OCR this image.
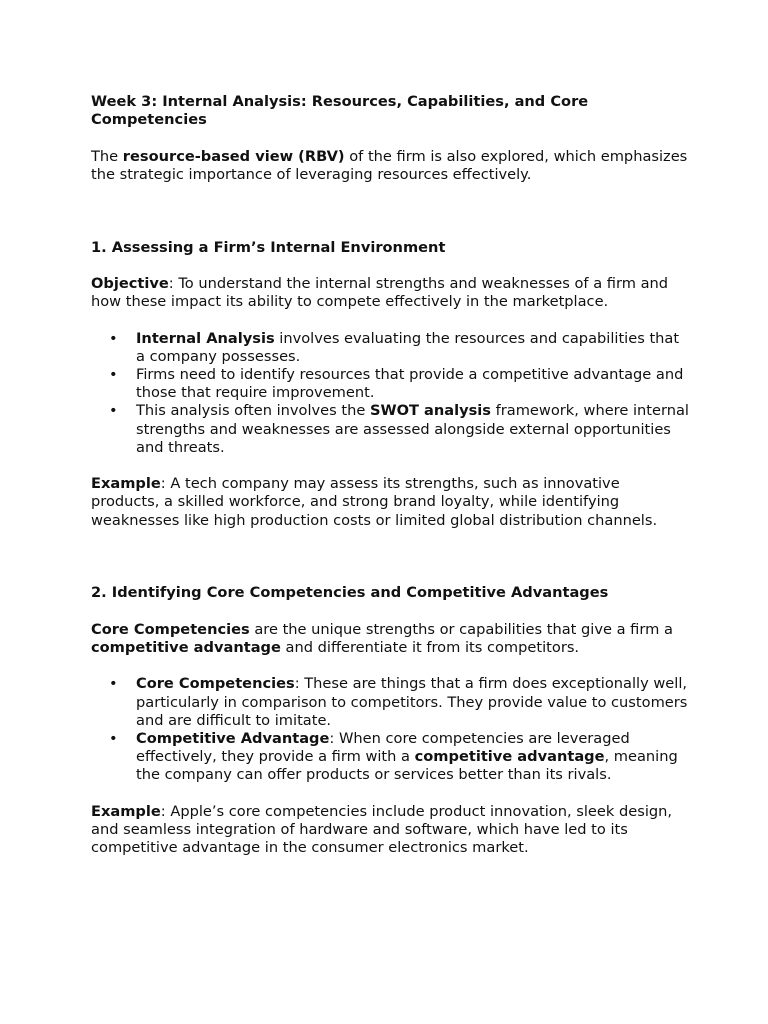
Week 3: Internal Analysis: Resources, Capabilities, and Core Competencies

The resource-based view (RBV) of the firm is also explored, which emphasizes the strategic importance of leveraging resources effectively.

1. Assessing a Firm’s Internal Environment

Objective: To understand the internal strengths and weaknesses of a firm and how these impact its ability to compete effectively in the marketplace.

• Internal Analysis involves evaluating the resources and capabilities that a company possesses.
• Firms need to identify resources that provide a competitive advantage and those that require improvement.
• This analysis often involves the SWOT analysis framework, where internal strengths and weaknesses are assessed alongside external opportunities and threats.

Example: A tech company may assess its strengths, such as innovative products, a skilled workforce, and strong brand loyalty, while identifying weaknesses like high production costs or limited global distribution channels.

2. Identifying Core Competencies and Competitive Advantages

Core Competencies are the unique strengths or capabilities that give a firm a competitive advantage and differentiate it from its competitors.

• Core Competencies: These are things that a firm does exceptionally well, particularly in comparison to competitors. They provide value to customers and are difficult to imitate.
• Competitive Advantage: When core competencies are leveraged effectively, they provide a firm with a competitive advantage, meaning the company can offer products or services better than its rivals.

Example: Apple’s core competencies include product innovation, sleek design, and seamless integration of hardware and software, which have led to its competitive advantage in the consumer electronics market.
